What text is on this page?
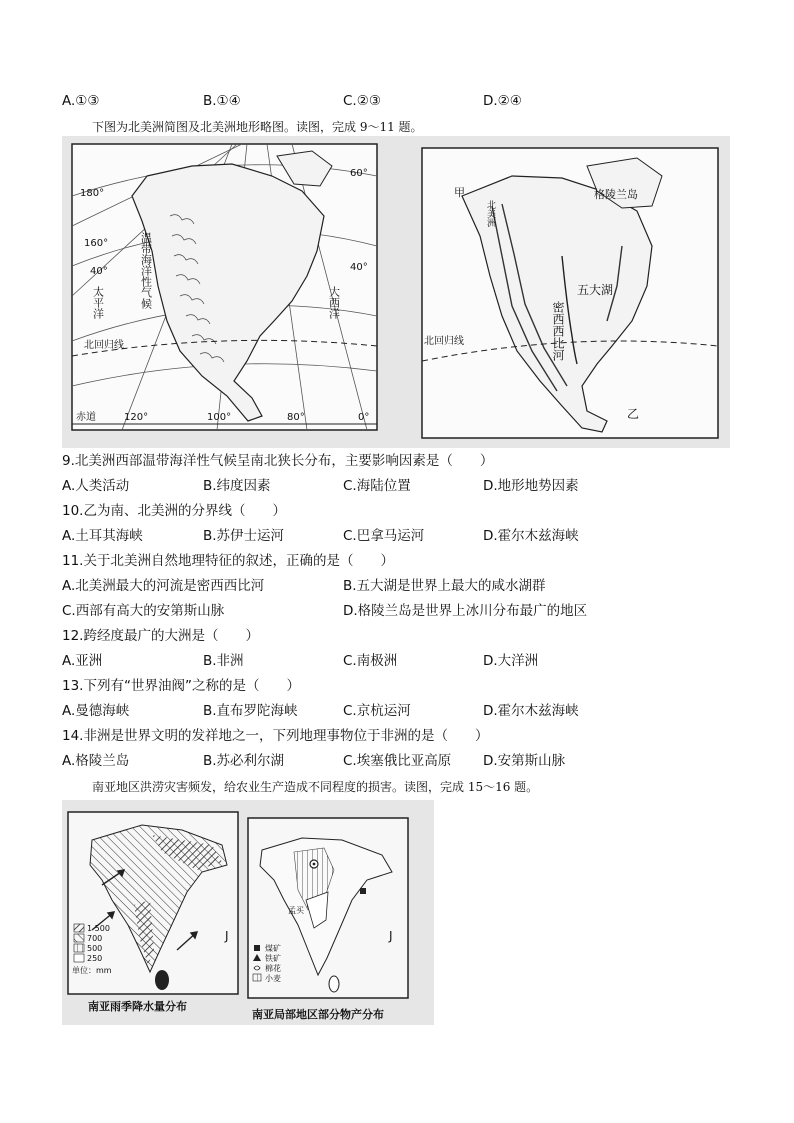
A.①③	B.①④	C.②③	D.②④
下图为北美洲简图及北美洲地形略图。读图，完成 9～11 题。
180°
160°
60°
40°	40°
温带海洋性气候
太平洋	大西洋
北回归线
赤道	120°	100°	80°	0°
甲	格陵兰岛
北美洲
五大湖
密西西比河
北回归线
乙
9.北美洲西部温带海洋性气候呈南北狭长分布，主要影响因素是（　　）
A.人类活动	B.纬度因素	C.海陆位置	D.地形地势因素
10.乙为南、北美洲的分界线（　　）
A.土耳其海峡	B.苏伊士运河	C.巴拿马运河	D.霍尔木兹海峡
11.关于北美洲自然地理特征的叙述，正确的是（　　）
A.北美洲最大的河流是密西西比河	B.五大湖是世界上最大的咸水湖群
C.西部有高大的安第斯山脉	D.格陵兰岛是世界上冰川分布最广的地区
12.跨经度最广的大洲是（　　）
A.亚洲	B.非洲	C.南极洲	D.大洋洲
13.下列有“世界油阀”之称的是（　　）
A.曼德海峡	B.直布罗陀海峡	C.京杭运河	D.霍尔木兹海峡
14.非洲是世界文明的发祥地之一，下列地理事物位于非洲的是（　　）
A.格陵兰岛	B.苏必利尔湖	C.埃塞俄比亚高原 D.安第斯山脉
南亚地区洪涝灾害频发，给农业生产造成不同程度的损害。读图，完成 15～16 题。
J
1 500
700
500
250
单位：mm
南亚雨季降水量分布
J
孟买
煤矿
铁矿
棉花
小麦
南亚局部地区部分物产分布
